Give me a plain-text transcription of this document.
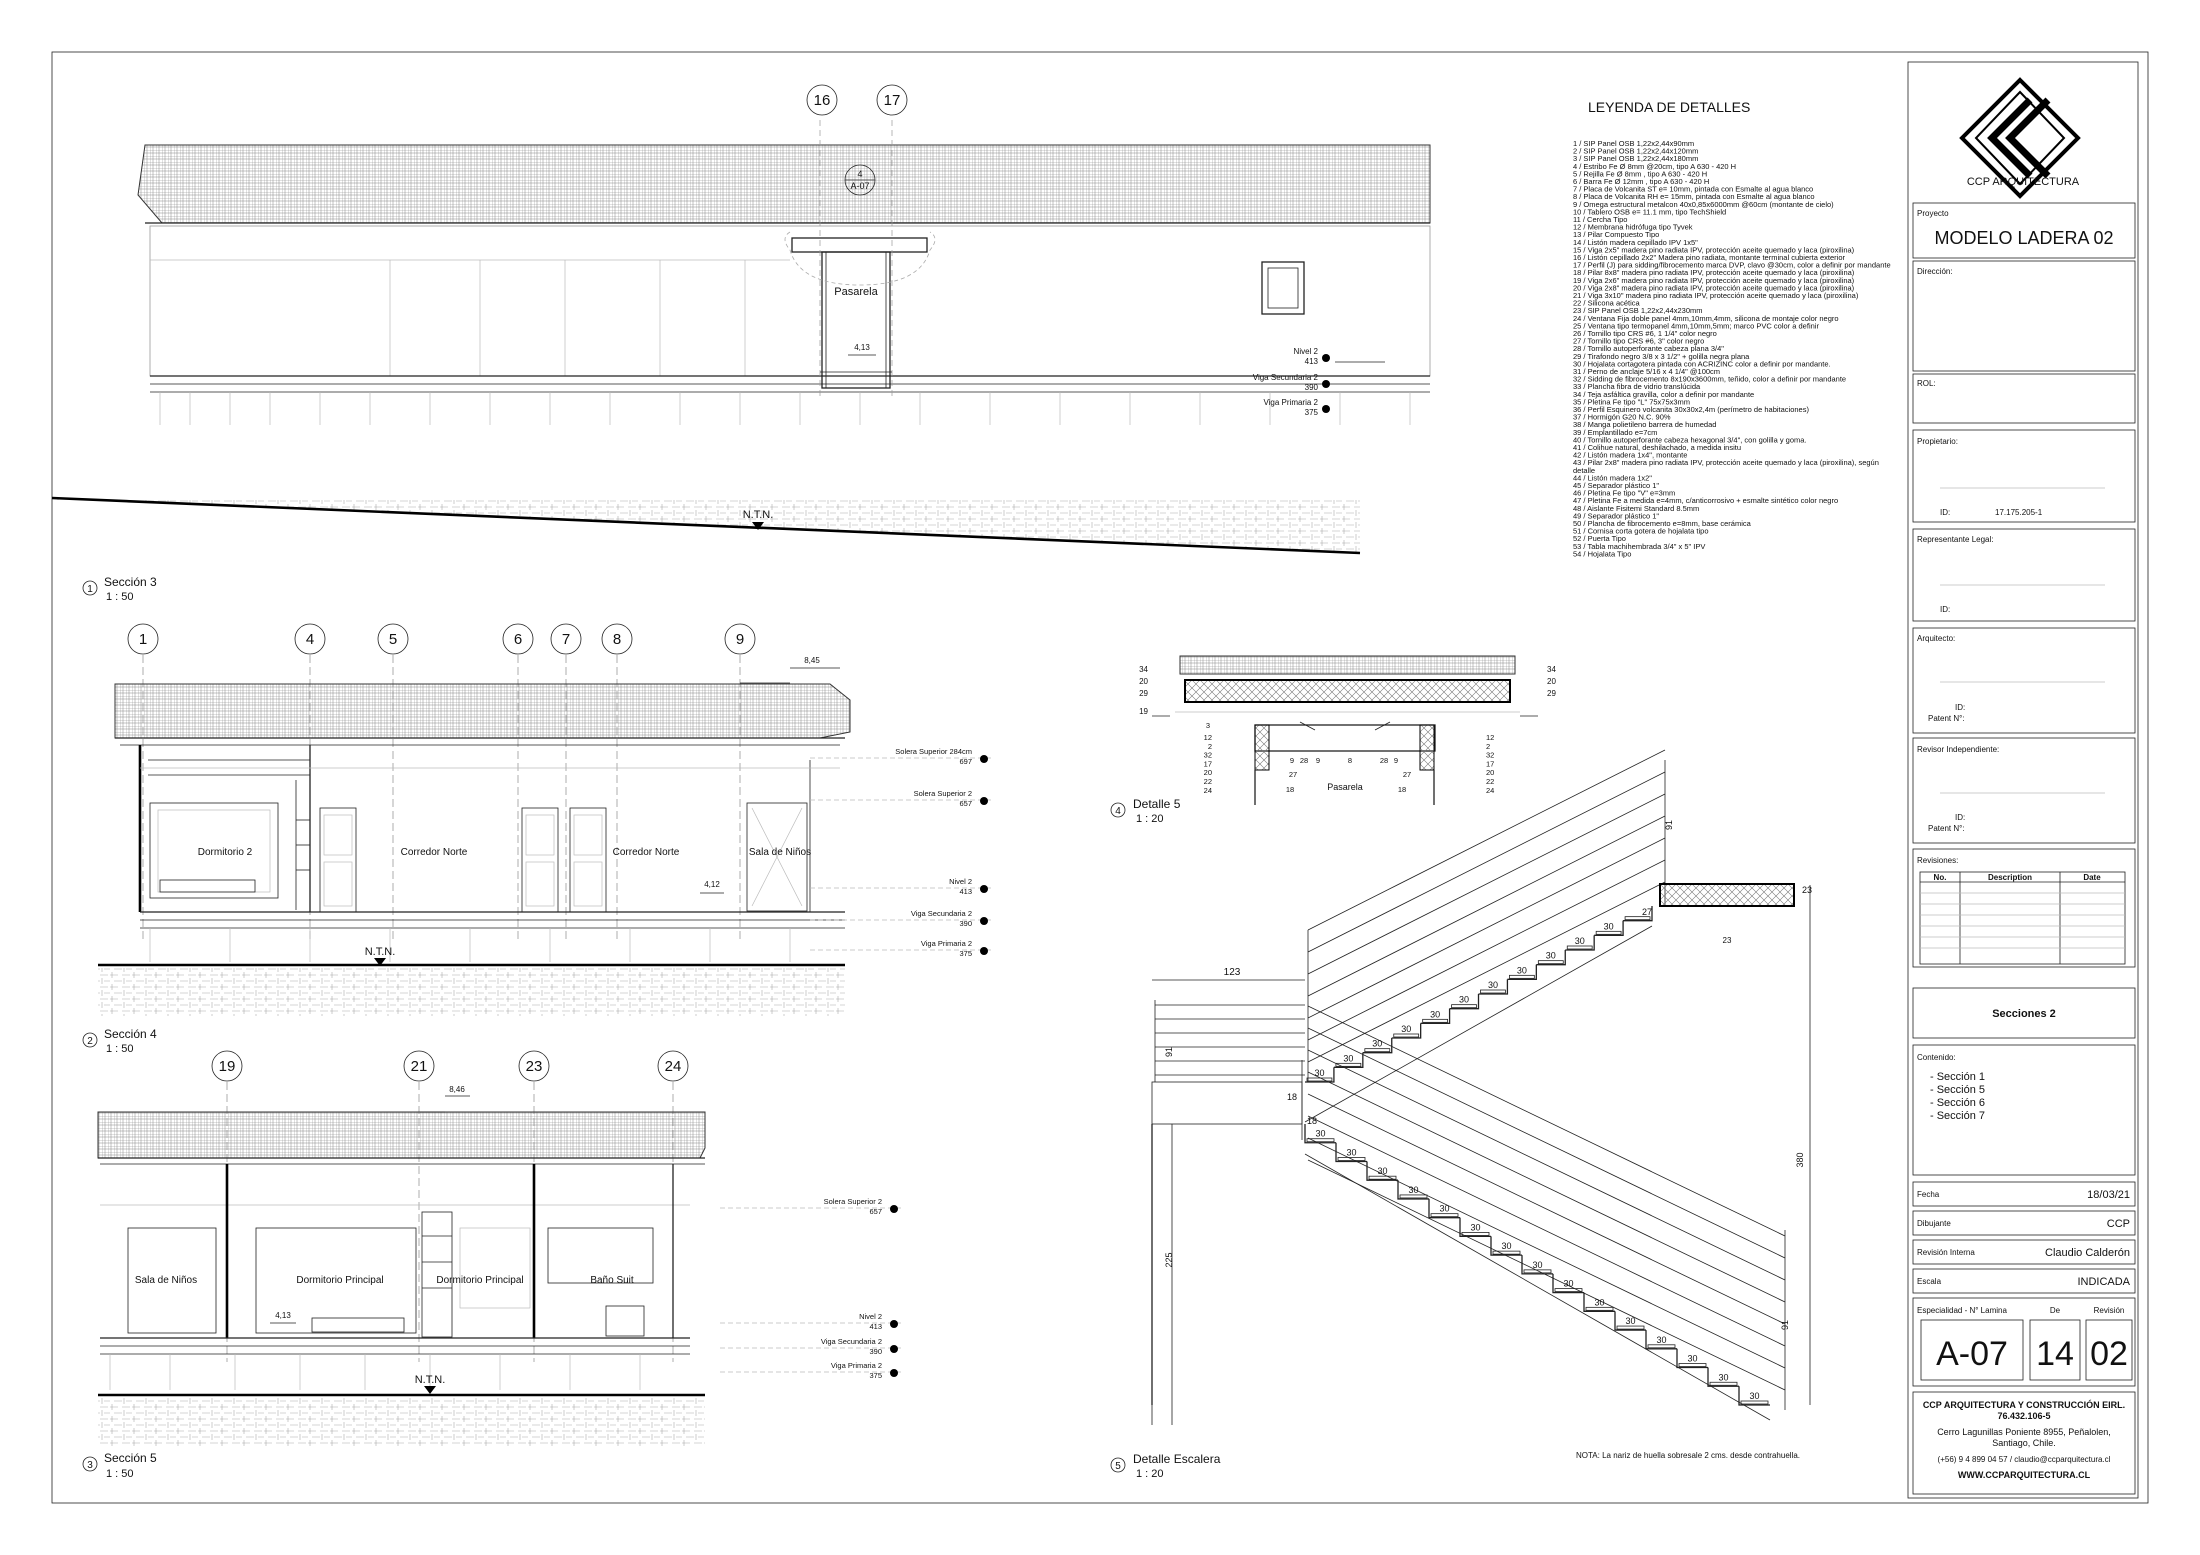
16	17
4
A-07
Pasarela
4,13	Nivel 2
413
Viga Secundaria 2
390
Viga Primaria 2
375
N.T.N.
1
Sección 3
1 : 50
LEYENDA DE DETALLES
1 / SIP Panel OSB 1,22x2,44x90mm
2 / SIP Panel OSB 1,22x2,44x120mm
3 / SIP Panel OSB 1,22x2,44x180mm
4 / Estribo Fe Ø 8mm @20cm, tipo A 630 - 420 H
5 / Rejilla Fe Ø 8mm , tipo A 630 - 420 H
6 / Barra Fe Ø 12mm , tipo A 630 - 420 H
7 / Placa de Volcanita ST e= 10mm, pintada con Esmalte al agua blanco
8 / Placa de Volcanita RH e= 15mm, pintada con Esmalte al agua blanco
9 / Omega estructural metalcon 40x0,85x6000mm @60cm (montante de cielo)
10 / Tablero OSB e= 11.1 mm, tipo TechShield
11 / Cercha Tipo
12 / Membrana hidrófuga tipo Tyvek
13 / Pilar Compuesto Tipo
14 / Listón madera cepillado IPV 1x5"
15 / Viga 2x5" madera pino radiata IPV, protección aceite quemado y laca (piroxilina)
16 / Listón cepillado 2x2" Madera pino radiata, montante terminal cubierta exterior
17 / Perfil (J) para sidding/fibrocemento marca DVP, clavo @30cm, color a definir por mandante
18 / Pilar 8x8" madera pino radiata IPV, protección aceite quemado y laca (piroxilina)
19 / Viga 2x6" madera pino radiata IPV, protección aceite quemado y laca (piroxilina)
20 / Viga 2x8" madera pino radiata IPV, protección aceite quemado y laca (piroxilina)
21 / Viga 3x10" madera pino radiata IPV, protección aceite quemado y laca (piroxilina)
22 / Silicona acética
23 / SIP Panel OSB 1,22x2,44x230mm
24 / Ventana Fija doble panel 4mm,10mm,4mm, silicona de montaje color negro
25 / Ventana tipo termopanel 4mm,10mm,5mm; marco PVC color a definir
26 / Tornillo tipo CRS #6, 1 1/4" color negro
27 / Tornillo tipo CRS #6, 3" color negro
28 / Tornillo autoperforante cabeza plana 3/4"
29 / Tirafondo negro 3/8 x 3 1/2" + golilla negra plana
30 / Hojalata cortagotera pintada con ACRIZINC color a definir por mandante.
31 / Perno de anclaje 5/16 x 4 1/4" @100cm
32 / Sidding de fibrocemento 8x190x3600mm, teñido, color a definir por mandante
33 / Plancha fibra de vidrio translúcida
34 / Teja asfáltica gravilla, color a definir por mandante
35 / Pletina Fe tipo "L" 75x75x3mm
36 / Perfil Esquinero volcanita 30x30x2,4m (perímetro de habitaciones)
37 / Hormigón G20 N.C. 90%
38 / Manga polietileno barrera de humedad
39 / Emplantillado e=7cm
40 / Tornillo autoperforante cabeza hexagonal 3/4", con golilla y goma.
41 / Colihue natural, deshilachado, a medida insitu
42 / Listón madera 1x4", montante
43 / Pilar 2x8" madera pino radiata IPV, protección aceite quemado y laca (piroxilina), según
detalle
44 / Listón madera 1x2"
45 / Separador plástico 1"
46 / Pletina Fe tipo "V" e=3mm
47 / Pletina Fe a medida e=4mm, c/anticorrosivo + esmalte sintético color negro
48 / Aislante Fisitemi Standard 8.5mm
49 / Separador plástico 1"
50 / Plancha de fibrocemento e=8mm, base cerámica
51 / Cornisa corta gotera de hojalata tipo
52 / Puerta Tipo
53 / Tabla machihembrada 3/4" x 5" IPV
54 / Hojalata Tipo
1	4	5	6	7	8	9
8,45
Dormitorio 2	Corredor Norte	Corredor Norte	Sala de Niños
4,12
N.T.N.
Solera Superior 284cm
697
Solera Superior 2
657
Nivel 2
413
Viga Secundaria 2
390
Viga Primaria 2
375
2
Sección 4
1 : 50
19	21	23	24
8,46
Sala de Niños	Dormitorio Principal	Dormitorio Principal	Baño Suit
4,13
N.T.N.
Solera Superior 2
657
Nivel 2
413
Viga Secundaria 2
390
Viga Primaria 2
375
3
Sección 5
1 : 50
34
20
29
19
34
20
29
12
2
32
17
20
22
24
12
2
32
17
20
22
24
9 28 9	8	28 9
27	27
18	18
3
Pasarela
4
Detalle 5
1 : 20
30
30
30
30
30
30
30
30
30
30
30
30
30
30
30
30
30
30
30
30
30
30
30
30
30
30
18
18
123
91
91
91
380
225
23
23
27
NOTA: La nariz de huella sobresale 2 cms. desde contrahuella.
5
Detalle Escalera
1 : 20
CCP ARQUITECTURA
Proyecto
MODELO LADERA 02
Dirección:
ROL:
Propietario:
ID:	17.175.205-1
Representante Legal:
ID:
Arquitecto:
ID:
Patent N°:
Revisor Independiente:
ID:
Patent N°:
Revisiones:
No.	Description	Date
Secciones 2
Contenido:
- Sección 1
- Sección 5
- Sección 6
- Sección 7
Fecha	18/03/21
Dibujante	CCP
Revisión Interna	Claudio Calderón
Escala	INDICADA
Especialidad - N° Lamina
A-07
De
14
Revisión
02
CCP ARQUITECTURA Y CONSTRUCCIÓN EIRL.
76.432.106-5
Cerro Lagunillas Poniente 8955, Peñalolen,
Santiago, Chile.
(+56) 9 4 899 04 57 / claudio@ccparquitectura.cl
WWW.CCPARQUITECTURA.CL
